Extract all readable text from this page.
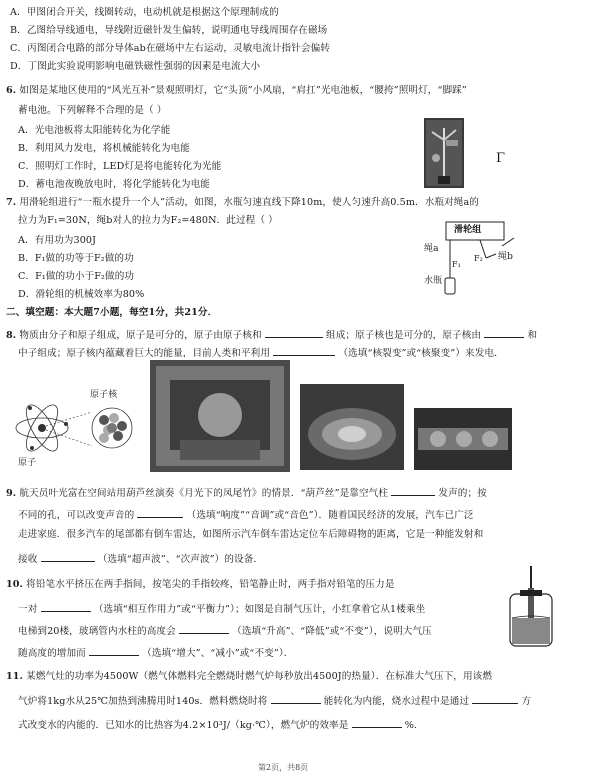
A．甲图闭合开关，线圈转动，电动机就是根据这个原理制成的
B．乙图给导线通电，导线附近磁针发生偏转，说明通电导线周围存在磁场
C．丙图闭合电路的部分导体ab在磁场中左右运动，灵敏电流计指针会偏转
D．丁图此实验说明影响电磁铁磁性强弱的因素是电流大小
6. 如图是某地区使用的“风光互补”景观照明灯，它“头顶”小风扇，“肩扛”光电池板，“腰挎”照明灯，“脚踩”
蓄电池。下列解释不合理的是（ ）
A．光电池板将太阳能转化为化学能
B．利用风力发电，将机械能转化为电能
C．照明灯工作时，LED灯是将电能转化为光能
D．蓄电池夜晚放电时，将化学能转化为电能
Γ
7. 用滑轮组进行“一瓶水提升一个人”活动，如图，水瓶匀速直线下降10m，使人匀速升高0.5m．水瓶对绳a的
拉力为F₁=30N，绳b对人的拉力为F₂=480N．此过程（ ）
A．有用功为300J
B．F₁做的功等于F₂做的功
C．F₁做的功小于F₂做的功
D．滑轮组的机械效率为80%
滑轮组
绳a
绳b
F₁
F₂
水瓶
二、填空题：本大题7小题，每空1分，共21分．
8. 物质由分子和原子组成，原子是可分的，原子由原子核和	组成；原子核也是可分的，原子核由	和
中子组成；原子核内蕴藏着巨大的能量，目前人类和平利用	（选填“核裂变”或“核聚变”）来发电．
原子核
原子
9. 航天员叶光富在空间站用葫芦丝演奏《月光下的凤尾竹》的情景．“葫芦丝”是靠空气柱	发声的；按
不同的孔，可以改变声音的	（选填“响度”“音调”或“音色”）．随着国民经济的发展，汽车已广泛
走进家庭．很多汽车的尾部都有倒车雷达，如图所示汽车倒车雷达定位车后障碍物的距离，它是一种能发射和
接收	（选填“超声波”、“次声波”）的设备．
10. 将铅笔水平挤压在两手指间，按笔尖的手指较疼，铅笔静止时，两手指对铅笔的压力是
一对	（选填“相互作用力”或“平衡力”）；如图是自制气压计，小红拿着它从1楼乘坐
电梯到20楼，玻璃管内水柱的高度会	（选填“升高”、“降低”或“不变”），说明大气压
随高度的增加而	（选填“增大”、“减小”或“不变”）．
11. 某燃气灶的功率为4500W（燃气体燃料完全燃烧时燃气炉每秒放出4500J的热量）．在标准大气压下，用该燃
气炉将1kg水从25℃加热到沸腾用时140s．燃料燃烧时将	能转化为内能，烧水过程中是通过	方
式改变水的内能的．已知水的比热容为4.2×10³J/（kg·℃），燃气炉的效率是	%.
第2页，共8页
